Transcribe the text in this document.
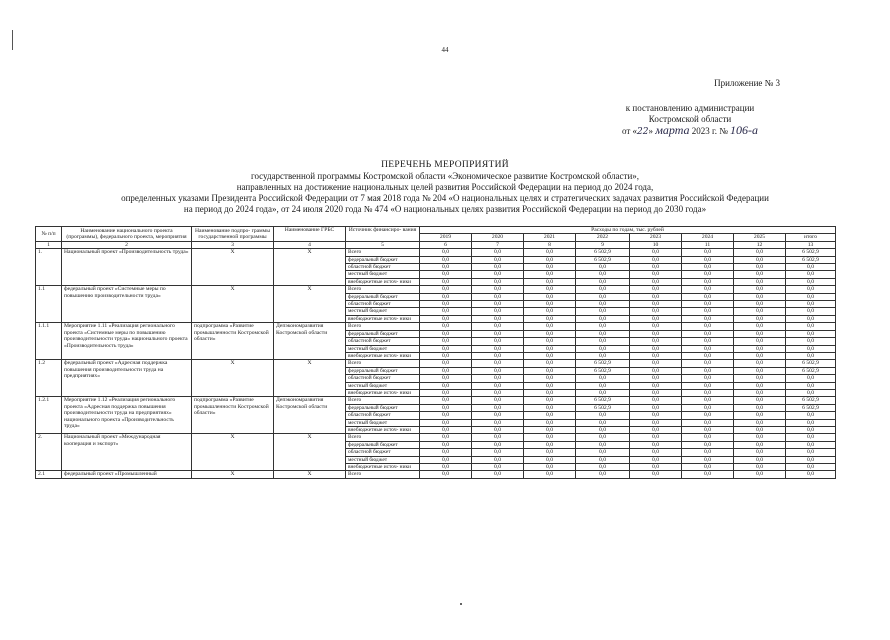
44
Приложение № 3
к постановлению администрации
Костромской области
от «22» марта 2023 г. № 106-а
ПЕРЕЧЕНЬ МЕРОПРИЯТИЙ
государственной программы Костромской области «Экономическое развитие Костромской области»,
направленных на достижение национальных целей развития Российской Федерации на период до 2024 года,
определенных указами Президента Российской Федерации от 7 мая 2018 года № 204 «О национальных целях и стратегических задачах развития Российской Федерации
на период до 2024 года», от 24 июля 2020 года № 474 «О национальных целях развития Российской Федерации на период до 2030 года»
№ п/п	Наименование национального проекта (программы), федерального проекта, мероприятия	Наименование подпро- граммы государственной программы	Наименование ГРБС	Источник финансиро- вания	Расходы по годам, тыс. рублей							
					2019	2020	2021	2022	2023	2024	2025	итого
1	2	3	4	5	6	7	8	9	10	11	12	13
1.	Национальный проект «Производительность труда»	Х	Х	Всего	0,0	0,0	0,0	6 502,9	0,0	0,0	0,0	6 502,9
				федеральный бюджет	0,0	0,0	0,0	6 502,9	0,0	0,0	0,0	6 502,9
				областной бюджет	0,0	0,0	0,0	0,0	0,0	0,0	0,0	0,0
				местный бюджет	0,0	0,0	0,0	0,0	0,0	0,0	0,0	0,0
				внебюджетные источ- ники	0,0	0,0	0,0	0,0	0,0	0,0	0,0	0,0
1.1	федеральный проект «Системные меры по повышению производительности труда»	Х	Х	Всего	0,0	0,0	0,0	0,0	0,0	0,0	0,0	0,0
				федеральный бюджет	0,0	0,0	0,0	0,0	0,0	0,0	0,0	0,0
				областной бюджет	0,0	0,0	0,0	0,0	0,0	0,0	0,0	0,0
				местный бюджет	0,0	0,0	0,0	0,0	0,0	0,0	0,0	0,0
				внебюджетные источ- ники	0,0	0,0	0,0	0,0	0,0	0,0	0,0	0,0
1.1.1	Мероприятие 1.11 «Реализация регионального проекта «Системные меры по повышению производительности труда» национального проекта «Производительность труда»	подпрограмма «Развитие промышленности Костромской области»	Депэкономразвития Костромской области	Всего	0,0	0,0	0,0	0,0	0,0	0,0	0,0	0,0
				федеральный бюджет	0,0	0,0	0,0	0,0	0,0	0,0	0,0	0,0
				областной бюджет	0,0	0,0	0,0	0,0	0,0	0,0	0,0	0,0
				местный бюджет	0,0	0,0	0,0	0,0	0,0	0,0	0,0	0,0
				внебюджетные источ- ники	0,0	0,0	0,0	0,0	0,0	0,0	0,0	0,0
1.2	федеральный проект «Адресная поддержка повышения производительности труда на предприятиях»	Х	Х	Всего	0,0	0,0	0,0	6 502,9	0,0	0,0	0,0	6 502,9
				федеральный бюджет	0,0	0,0	0,0	6 502,9	0,0	0,0	0,0	6 502,9
				областной бюджет	0,0	0,0	0,0	0,0	0,0	0,0	0,0	0,0
				местный бюджет	0,0	0,0	0,0	0,0	0,0	0,0	0,0	0,0
				внебюджетные источ- ники	0,0	0,0	0,0	0,0	0,0	0,0	0,0	0,0
1.2.1	Мероприятие 1.12 «Реализация регионального проекта «Адресная поддержка повышения производительности труда на предприятиях» национального проекта «Производительность труда»	подпрограмма «Развитие промышленности Костромской области»	Депэкономразвития Костромской области	Всего	0,0	0,0	0,0	6 502,9	0,0	0,0	0,0	6 502,9
				федеральный бюджет	0,0	0,0	0,0	6 502,9	0,0	0,0	0,0	6 502,9
				областной бюджет	0,0	0,0	0,0	0,0	0,0	0,0	0,0	0,0
				местный бюджет	0,0	0,0	0,0	0,0	0,0	0,0	0,0	0,0
				внебюджетные источ- ники	0,0	0,0	0,0	0,0	0,0	0,0	0,0	0,0
2.	Национальный проект «Международная кооперация и экспорт»	Х	Х	Всего	0,0	0,0	0,0	0,0	0,0	0,0	0,0	0,0
				федеральный бюджет	0,0	0,0	0,0	0,0	0,0	0,0	0,0	0,0
				областной бюджет	0,0	0,0	0,0	0,0	0,0	0,0	0,0	0,0
				местный бюджет	0,0	0,0	0,0	0,0	0,0	0,0	0,0	0,0
				внебюджетные источ- ники	0,0	0,0	0,0	0,0	0,0	0,0	0,0	0,0
2.1	федеральный проект «Промышленный	Х	Х	Всего	0,0	0,0	0,0	0,0	0,0	0,0	0,0	0,0
